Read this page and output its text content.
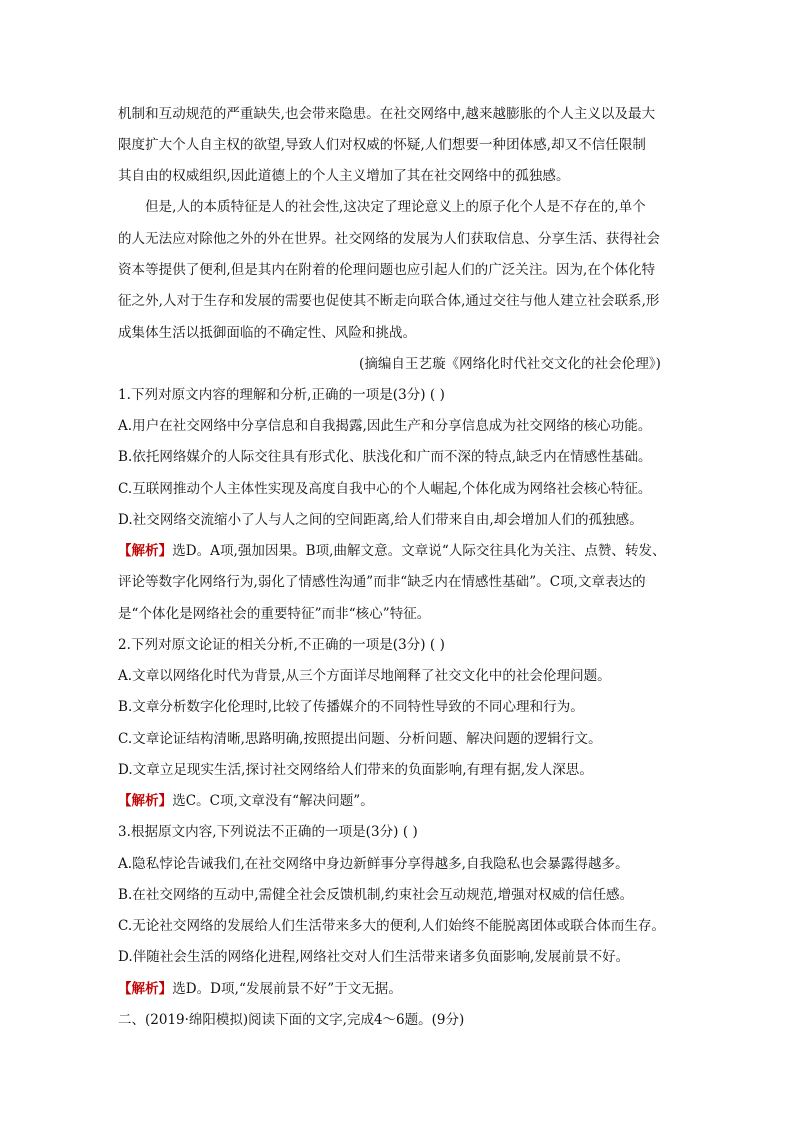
机制和互动规范的严重缺失,也会带来隐患。在社交网络中,越来越膨胀的个人主义以及最大
限度扩大个人自主权的欲望,导致人们对权威的怀疑,人们想要一种团体感,却又不信任限制
其自由的权威组织,因此道德上的个人主义增加了其在社交网络中的孤独感。
但是,人的本质特征是人的社会性,这决定了理论意义上的原子化个人是不存在的,单个
的人无法应对除他之外的外在世界。社交网络的发展为人们获取信息、分享生活、获得社会
资本等提供了便利,但是其内在附着的伦理问题也应引起人们的广泛关注。因为,在个体化特
征之外,人对于生存和发展的需要也促使其不断走向联合体,通过交往与他人建立社会联系,形
成集体生活以抵御面临的不确定性、风险和挑战。
(摘编自王艺璇《网络化时代社交文化的社会伦理》)
1.下列对原文内容的理解和分析,正确的一项是(3分) ( )
A.用户在社交网络中分享信息和自我揭露,因此生产和分享信息成为社交网络的核心功能。
B.依托网络媒介的人际交往具有形式化、肤浅化和广而不深的特点,缺乏内在情感性基础。
C.互联网推动个人主体性实现及高度自我中心的个人崛起,个体化成为网络社会核心特征。
D.社交网络交流缩小了人与人之间的空间距离,给人们带来自由,却会增加人们的孤独感。
【解析】选D。A项,强加因果。B项,曲解文意。文章说“人际交往具化为关注、点赞、转发、
评论等数字化网络行为,弱化了情感性沟通”而非“缺乏内在情感性基础”。C项,文章表达的
是“个体化是网络社会的重要特征”而非“核心”特征。
2.下列对原文论证的相关分析,不正确的一项是(3分) ( )
A.文章以网络化时代为背景,从三个方面详尽地阐释了社交文化中的社会伦理问题。
B.文章分析数字化伦理时,比较了传播媒介的不同特性导致的不同心理和行为。
C.文章论证结构清晰,思路明确,按照提出问题、分析问题、解决问题的逻辑行文。
D.文章立足现实生活,探讨社交网络给人们带来的负面影响,有理有据,发人深思。
【解析】选C。C项,文章没有“解决问题”。
3.根据原文内容,下列说法不正确的一项是(3分) ( )
A.隐私悖论告诫我们,在社交网络中身边新鲜事分享得越多,自我隐私也会暴露得越多。
B.在社交网络的互动中,需健全社会反馈机制,约束社会互动规范,增强对权威的信任感。
C.无论社交网络的发展给人们生活带来多大的便利,人们始终不能脱离团体或联合体而生存。
D.伴随社会生活的网络化进程,网络社交对人们生活带来诸多负面影响,发展前景不好。
【解析】选D。D项,“发展前景不好”于文无据。
二、(2019·绵阳模拟)阅读下面的文字,完成4～6题。(9分)
